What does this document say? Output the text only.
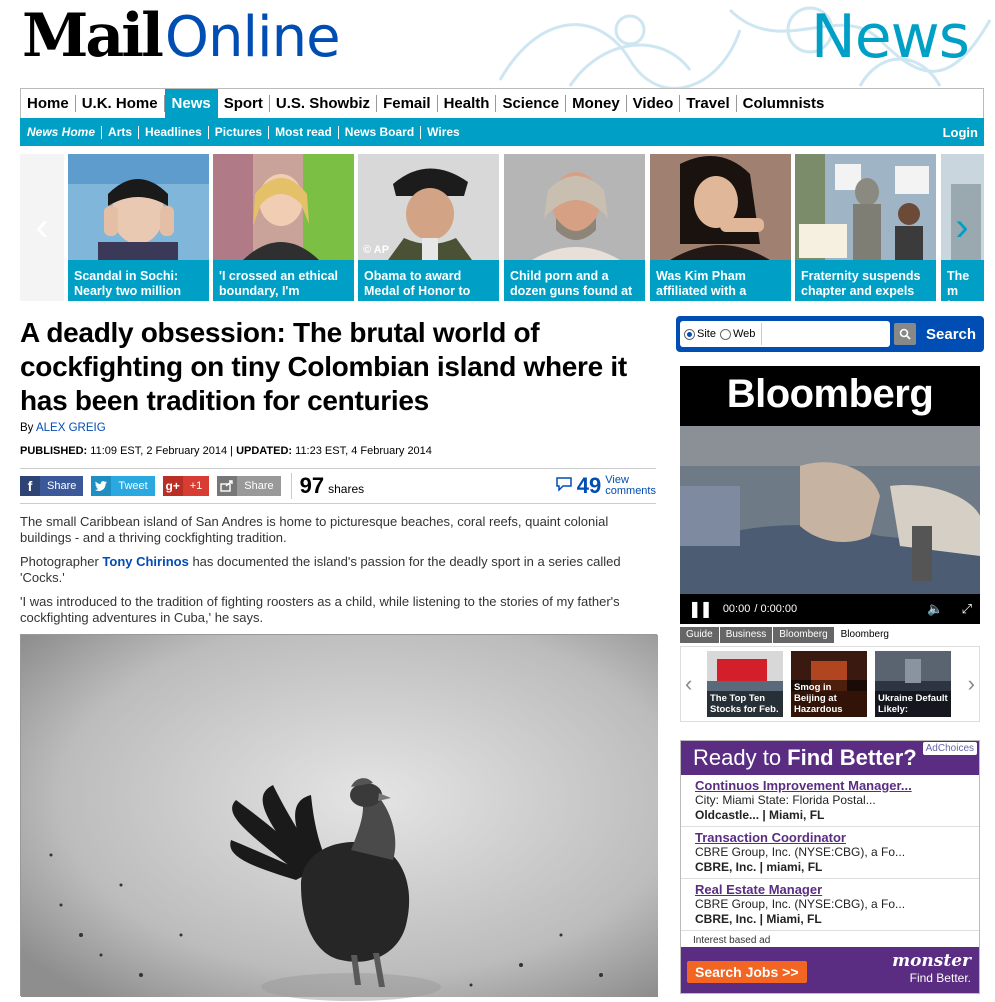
MailOnline	News
Home U.K. Home News Sport U.S. Showbiz Femail Health Science Money Video Travel Columnists
News Home	Arts	Headlines	Pictures	Most read	News Board	Wires	Login
‹
Scandal in Sochi: Nearly two million
'I crossed an ethical boundary, I'm
Obama to award Medal of Honor to
© AP
Child porn and a dozen guns found at
Was Kim Pham affiliated with a
Fraternity suspends chapter and expels
The m jogge
›
A deadly obsession: The brutal world of cockfighting on tiny Colombian island where it has been tradition for centuries
By ALEX GREIG
PUBLISHED: 11:09 EST, 2 February 2014 | UPDATED: 11:23 EST, 4 February 2014
f	Share	Tweet	g+ +1	Share	97 shares	49 View
comments

The small Caribbean island of San Andres is home to picturesque beaches, coral reefs, quaint colonial buildings - and a thriving cockfighting tradition.

Photographer Tony Chirinos has documented the island's passion for the deadly sport in a series called 'Cocks.'

'I was introduced to the tradition of fighting roosters as a child, while listening to the stories of my father's cockfighting adventures in Cuba,' he says.

Site Web	Search
Bloomberg
❚❚ 00:00 / 0:00:00	🔈 ⤢
Guide	Business	Bloomberg	Bloomberg
‹
The Top Ten Stocks for Feb.
Smog in Beijing at Hazardous
Ukraine Default Likely:
›
Ready to Find Better? AdChoices
Continuos Improvement Manager...
City: Miami State: Florida Postal...
Oldcastle... | Miami, FL
Transaction Coordinator
CBRE Group, Inc. (NYSE:CBG), a Fo...
CBRE, Inc. | miami, FL
Real Estate Manager
CBRE Group, Inc. (NYSE:CBG), a Fo...
CBRE, Inc. | Miami, FL
Interest based ad
Search Jobs >>
monster
Find Better.
